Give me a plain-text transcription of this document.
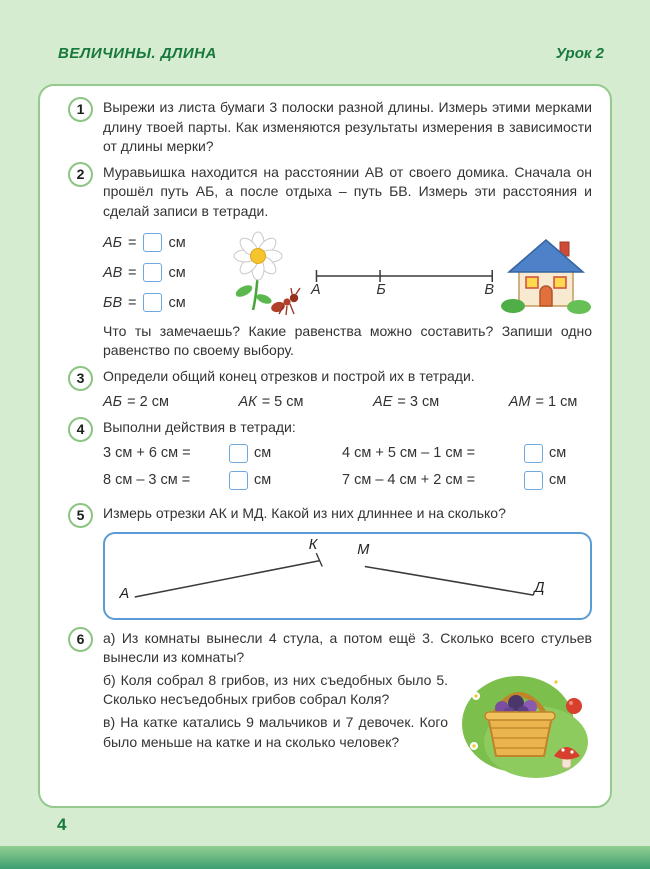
ВЕЛИЧИНЫ. ДЛИНА	Урок 2
1	Вырежи из листа бумаги 3 полоски разной длины. Измерь этими мерками длину твоей парты. Как изменяются результаты измерения в зависимости от длины мерки?

2	Муравьишка находится на расстоянии АВ от своего домика. Сначала он прошёл путь АБ, а после отдыха – путь БВ. Измерь эти расстояния и сделай записи в тетради.

АБ = см
АВ = см
БВ = см
А	Б	В

Что ты замечаешь? Какие равенства можно составить? Запиши одно равенство по своему выбору.

3	Определи общий конец отрезков и построй их в тетради.

АБ = 2 см	АК = 5 см	АЕ = 3 см	АМ = 1 см
4	Выполни действия в тетради:

3 см + 6 см =	см	4 см + 5 см – 1 см =	см
8 см – 3 см =	см	7 см – 4 см + 2 см =	см
5	Измерь отрезки АК и МД. Какой из них длиннее и на сколько?

К	М
А	Д
6	а) Из комнаты вынесли 4 стула, а потом ещё 3. Сколько всего стульев вынесли из комнаты?

б) Коля собрал 8 грибов, из них съедобных было 5. Сколько несъедобных грибов собрал Коля?

в) На катке катались 9 мальчиков и 7 девочек. Кого было меньше на катке и на сколько человек?

4
